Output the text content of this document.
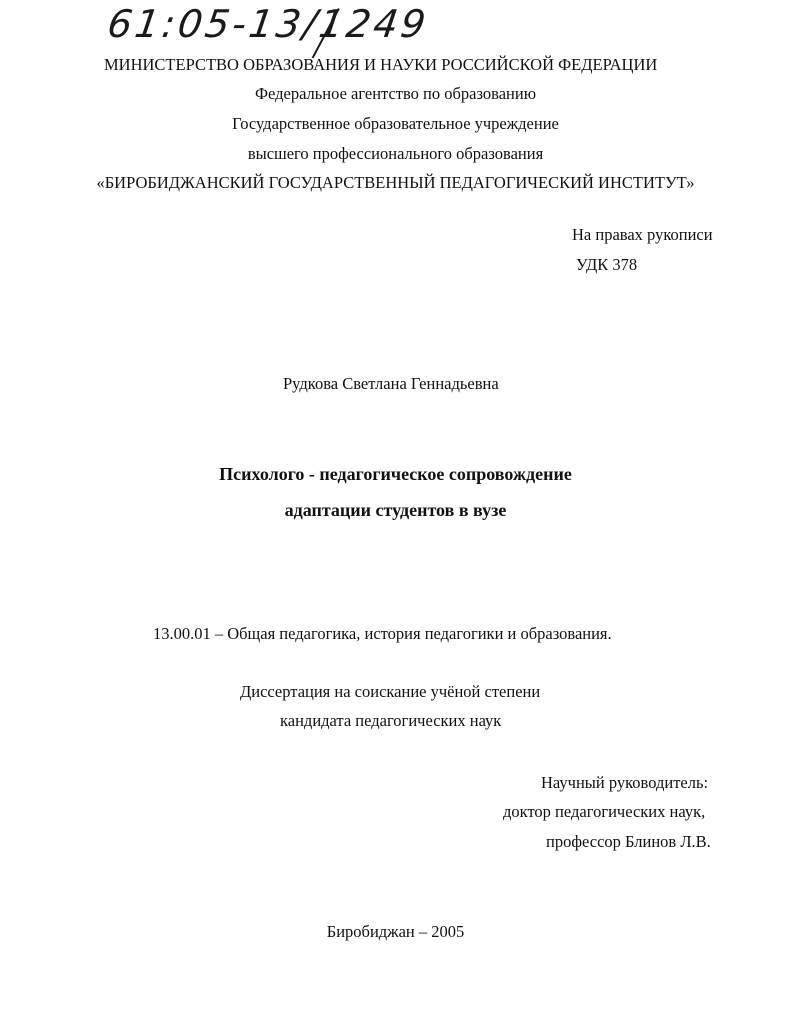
61:05-13/1249
МИНИСТЕРСТВО ОБРАЗОВАНИЯ И НАУКИ РОССИЙСКОЙ ФЕДЕРАЦИИ
Федеральное агентство по образованию
Государственное образовательное учреждение
высшего профессионального образования
«БИРОБИДЖАНСКИЙ ГОСУДАРСТВЕННЫЙ ПЕДАГОГИЧЕСКИЙ ИНСТИТУТ»
На правах рукописи
УДК 378
Рудкова Светлана Геннадьевна
Психолого - педагогическое сопровождение
адаптации студентов в вузе
13.00.01 – Общая педагогика, история педагогики и образования.
Диссертация на соискание учёной степени
кандидата педагогических наук
Научный руководитель:
доктор педагогических наук,
профессор Блинов Л.В.
Биробиджан – 2005
